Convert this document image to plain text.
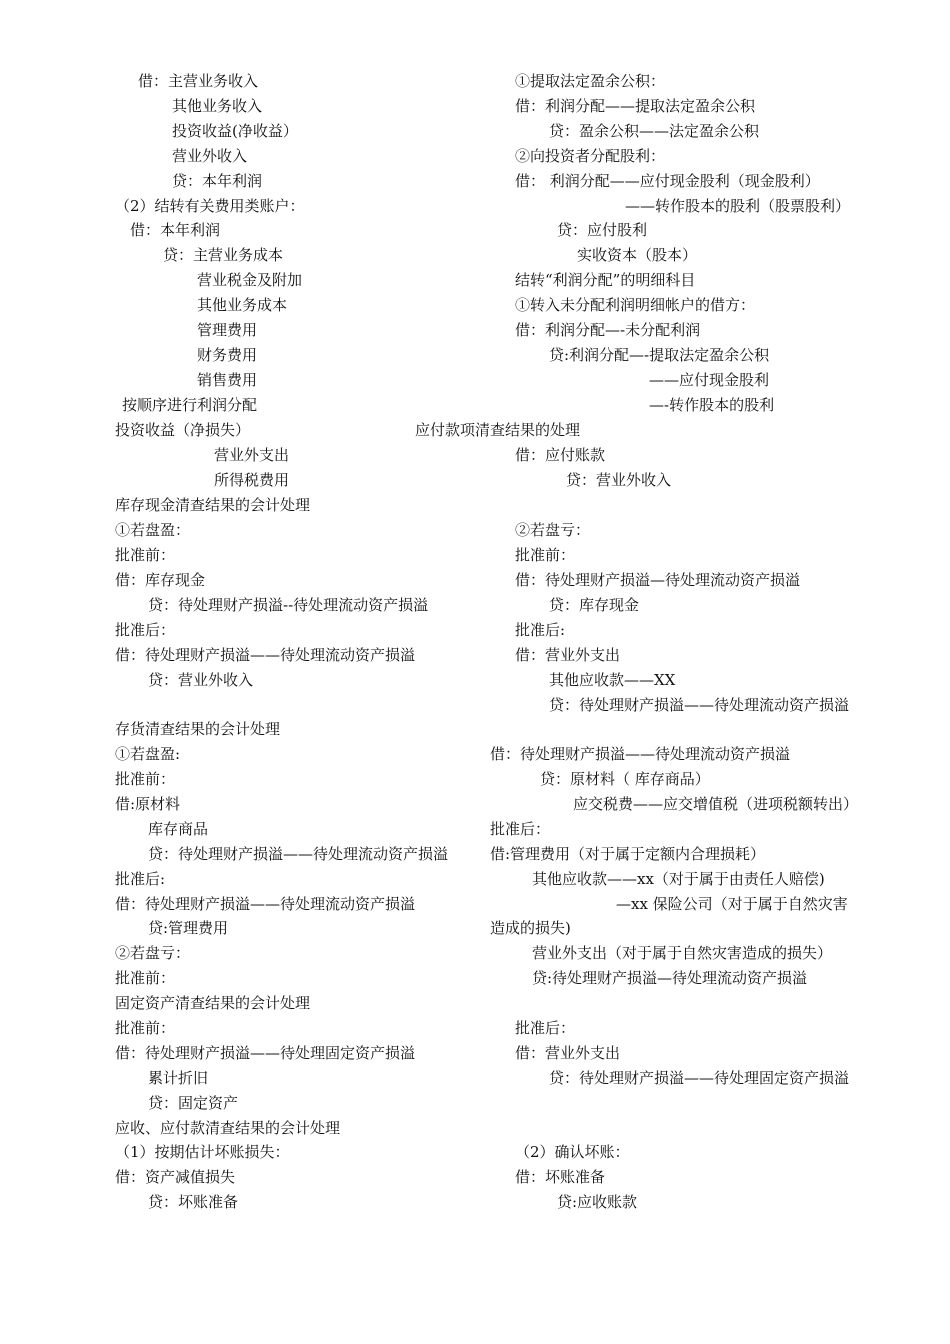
借：主营业务收入
其他业务收入
投资收益(净收益）
营业外收入
贷：本年利润
（2）结转有关费用类账户：
借：本年利润
贷：主营业务成本
营业税金及附加
其他业务成本
管理费用
财务费用
销售费用
按顺序进行利润分配
投资收益（净损失）
营业外支出
所得税费用
①提取法定盈余公积：
借：利润分配——提取法定盈余公积
贷：盈余公积——法定盈余公积
②向投资者分配股利：
借： 利润分配——应付现金股利（现金股利）
——转作股本的股利（股票股利）
贷：应付股利
实收资本（股本）
结转“利润分配”的明细科目
①转入未分配利润明细帐户的借方：
借：利润分配—-未分配利润
贷:利润分配—-提取法定盈余公积
——应付现金股利
—-转作股本的股利
应付款项清查结果的处理
借：应付账款
贷：营业外收入
库存现金清查结果的会计处理
①若盘盈：
批准前：
借：库存现金
贷：待处理财产损溢--待处理流动资产损溢
批准后：
借：待处理财产损溢——待处理流动资产损溢
贷：营业外收入
②若盘亏：
批准前：
借：待处理财产损溢—待处理流动资产损溢
贷：库存现金
批准后:
借：营业外支出
其他应收款——XX
贷：待处理财产损溢——待处理流动资产损溢
存货清查结果的会计处理
①若盘盈:
批准前：
借:原材料
库存商品
贷：待处理财产损溢——待处理流动资产损溢
批准后:
借：待处理财产损溢——待处理流动资产损溢
贷:管理费用
②若盘亏：
批准前：
借：待处理财产损溢——待处理流动资产损溢
贷：原材料（ 库存商品）
应交税费——应交增值税（进项税额转出）
批准后：
借:管理费用（对于属于定额内合理损耗）
其他应收款——xx（对于属于由责任人赔偿)
—xx 保险公司（对于属于自然灾害
造成的损失)
营业外支出（对于属于自然灾害造成的损失）
贷:待处理财产损溢—待处理流动资产损溢
固定资产清查结果的会计处理
批准前：
借：待处理财产损溢——待处理固定资产损溢
累计折旧
贷：固定资产
批准后：
借：营业外支出
贷：待处理财产损溢——待处理固定资产损溢
应收、应付款清查结果的会计处理
（1）按期估计坏账损失：
借：资产减值损失
贷：坏账准备
（2）确认坏账：
借：坏账准备
贷:应收账款
